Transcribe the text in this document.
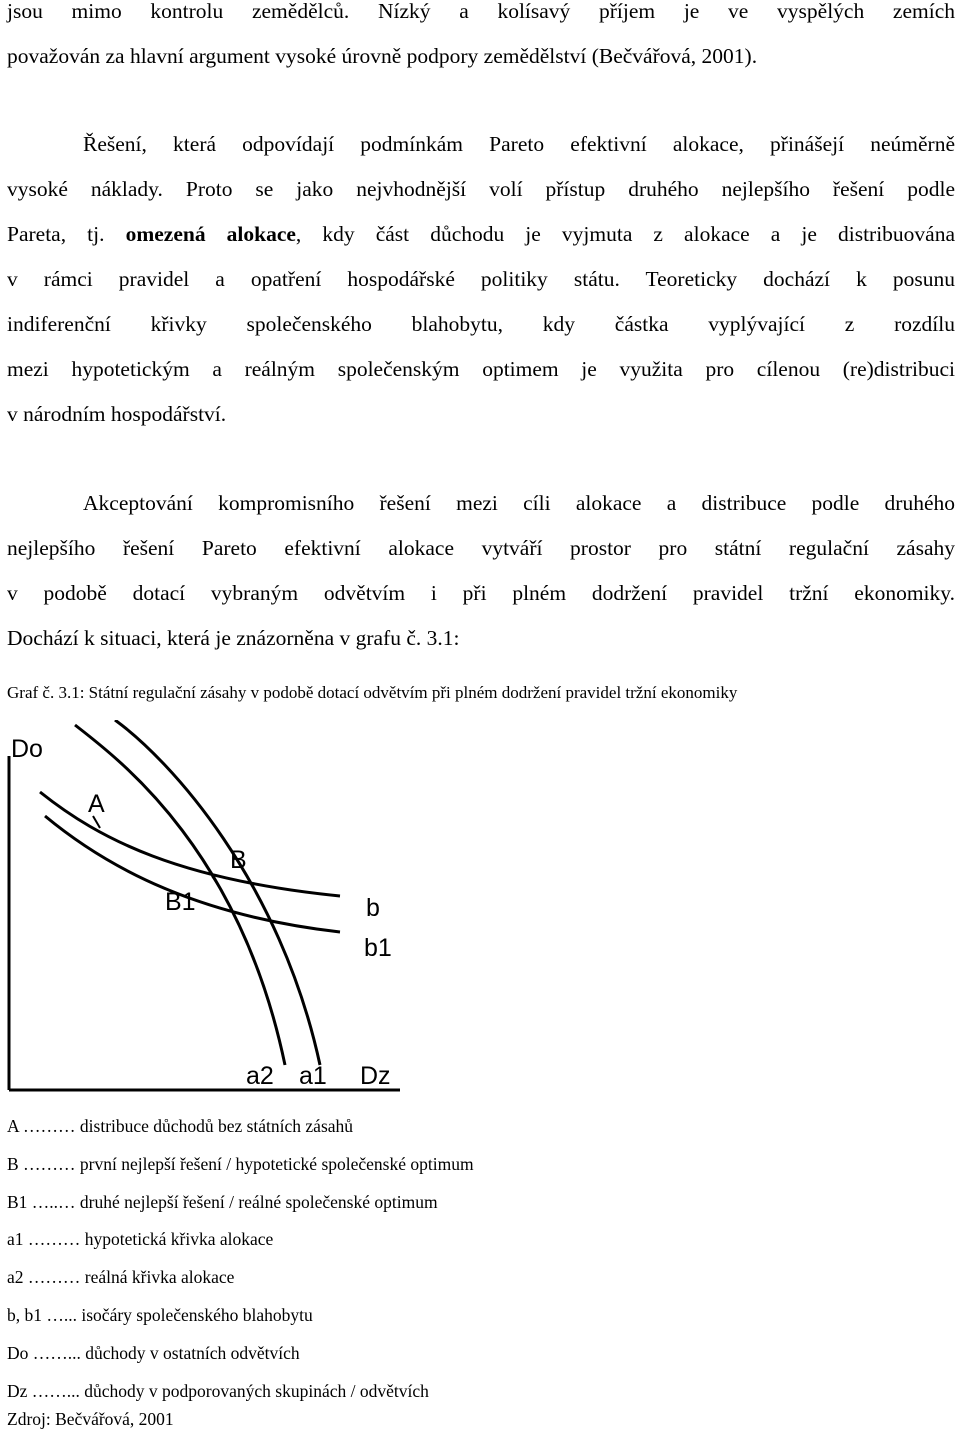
jsou mimo kontrolu zemědělců. Nízký a kolísavý příjem je ve vyspělých zemích
považován za hlavní argument vysoké úrovně podpory zemědělství (Bečvářová, 2001).
Řešení, která odpovídají podmínkám Pareto efektivní alokace, přinášejí neúměrně
vysoké náklady. Proto se jako nejvhodnější volí přístup druhého nejlepšího řešení podle
Pareta, tj. omezená alokace, kdy část důchodu je vyjmuta z alokace a je distribuována
v rámci pravidel a opatření hospodářské politiky státu. Teoreticky dochází k posunu
indiferenční křivky společenského blahobytu, kdy částka vyplývající z rozdílu
mezi hypotetickým a reálným společenským optimem je využita pro cílenou (re)distribuci
v národním hospodářství.
Akceptování kompromisního řešení mezi cíli alokace a distribuce podle druhého
nejlepšího řešení Pareto efektivní alokace vytváří prostor pro státní regulační zásahy
v podobě dotací vybraným odvětvím i při plném dodržení pravidel tržní ekonomiky.
Dochází k situaci, která je znázorněna v grafu č. 3.1:
Graf č. 3.1: Státní regulační zásahy v podobě dotací odvětvím při plném dodržení pravidel tržní ekonomiky
Do
A
B
B1	b
b1
a2 a1 Dz
A ……… distribuce důchodů bez státních zásahů
B ……… první nejlepší řešení / hypotetické společenské optimum
B1 …..… druhé nejlepší řešení / reálné společenské optimum
a1 ……… hypotetická křivka alokace
a2 ……… reálná křivka alokace
b, b1 …... isočáry společenského blahobytu
Do ……... důchody v ostatních odvětvích
Dz ……... důchody v podporovaných skupinách / odvětvích
Zdroj: Bečvářová, 2001
